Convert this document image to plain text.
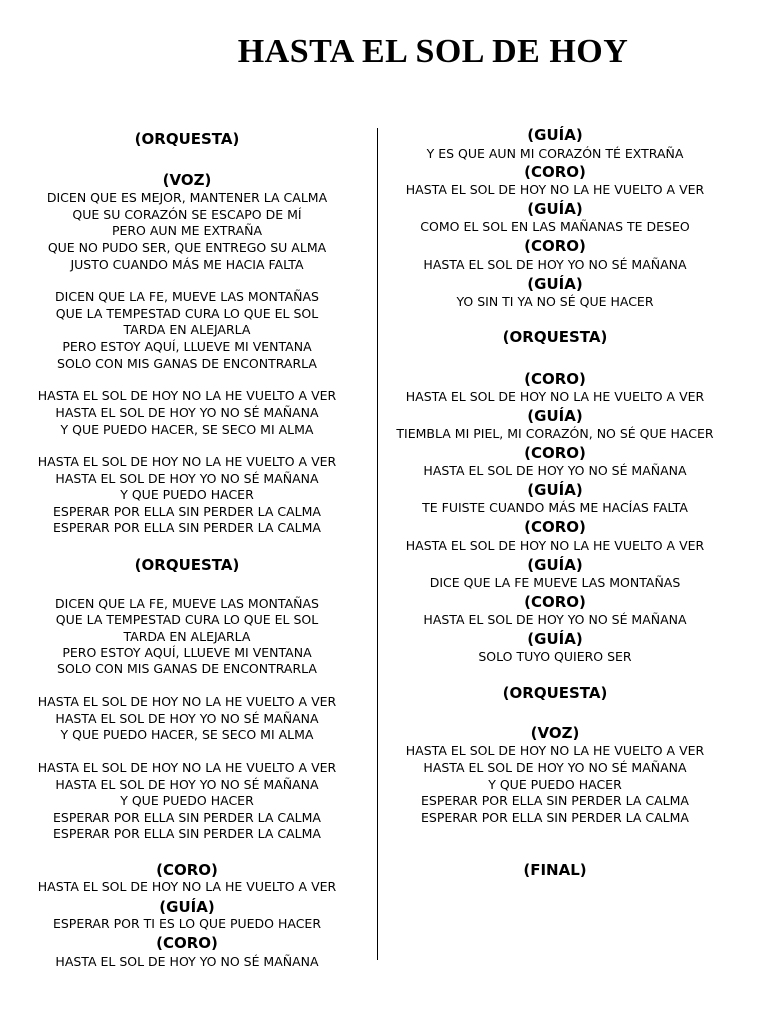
HASTA EL SOL DE HOY
(ORQUESTA)
(VOZ)
DICEN QUE ES MEJOR, MANTENER LA CALMA
QUE SU CORAZÓN SE ESCAPO DE MÍ
PERO AUN ME EXTRAÑA
QUE NO PUDO SER, QUE ENTREGO SU ALMA
JUSTO CUANDO MÁS ME HACIA FALTA
DICEN QUE LA FE, MUEVE LAS MONTAÑAS
QUE LA TEMPESTAD CURA LO QUE EL SOL
TARDA EN ALEJARLA
PERO ESTOY AQUÍ, LLUEVE MI VENTANA
SOLO CON MIS GANAS DE ENCONTRARLA
HASTA EL SOL DE HOY NO LA HE VUELTO A VER
HASTA EL SOL DE HOY YO NO SÉ MAÑANA
Y QUE PUEDO HACER, SE SECO MI ALMA
HASTA EL SOL DE HOY NO LA HE VUELTO A VER
HASTA EL SOL DE HOY YO NO SÉ MAÑANA
Y QUE PUEDO HACER
ESPERAR POR ELLA SIN PERDER LA CALMA
ESPERAR POR ELLA SIN PERDER LA CALMA
(ORQUESTA)
DICEN QUE LA FE, MUEVE LAS MONTAÑAS
QUE LA TEMPESTAD CURA LO QUE EL SOL
TARDA EN ALEJARLA
PERO ESTOY AQUÍ, LLUEVE MI VENTANA
SOLO CON MIS GANAS DE ENCONTRARLA
HASTA EL SOL DE HOY NO LA HE VUELTO A VER
HASTA EL SOL DE HOY YO NO SÉ MAÑANA
Y QUE PUEDO HACER, SE SECO MI ALMA
HASTA EL SOL DE HOY NO LA HE VUELTO A VER
HASTA EL SOL DE HOY YO NO SÉ MAÑANA
Y QUE PUEDO HACER
ESPERAR POR ELLA SIN PERDER LA CALMA
ESPERAR POR ELLA SIN PERDER LA CALMA
(CORO)
HASTA EL SOL DE HOY NO LA HE VUELTO A VER
(GUÍA)
ESPERAR POR TI ES LO QUE PUEDO HACER
(CORO)
HASTA EL SOL DE HOY YO NO SÉ MAÑANA
(GUÍA)
Y ES QUE AUN MI CORAZÓN TÉ EXTRAÑA
(CORO)
HASTA EL SOL DE HOY NO LA HE VUELTO A VER
(GUÍA)
COMO EL SOL EN LAS MAÑANAS TE DESEO
(CORO)
HASTA EL SOL DE HOY YO NO SÉ MAÑANA
(GUÍA)
YO SIN TI YA NO SÉ QUE HACER
(ORQUESTA)
(CORO)
HASTA EL SOL DE HOY NO LA HE VUELTO A VER
(GUÍA)
TIEMBLA MI PIEL, MI CORAZÓN, NO SÉ QUE HACER
(CORO)
HASTA EL SOL DE HOY YO NO SÉ MAÑANA
(GUÍA)
TE FUISTE CUANDO MÁS ME HACÍAS FALTA
(CORO)
HASTA EL SOL DE HOY NO LA HE VUELTO A VER
(GUÍA)
DICE QUE LA FE MUEVE LAS MONTAÑAS
(CORO)
HASTA EL SOL DE HOY YO NO SÉ MAÑANA
(GUÍA)
SOLO TUYO QUIERO SER
(ORQUESTA)
(VOZ)
HASTA EL SOL DE HOY NO LA HE VUELTO A VER
HASTA EL SOL DE HOY YO NO SÉ MAÑANA
Y QUE PUEDO HACER
ESPERAR POR ELLA SIN PERDER LA CALMA
ESPERAR POR ELLA SIN PERDER LA CALMA
(FINAL)
